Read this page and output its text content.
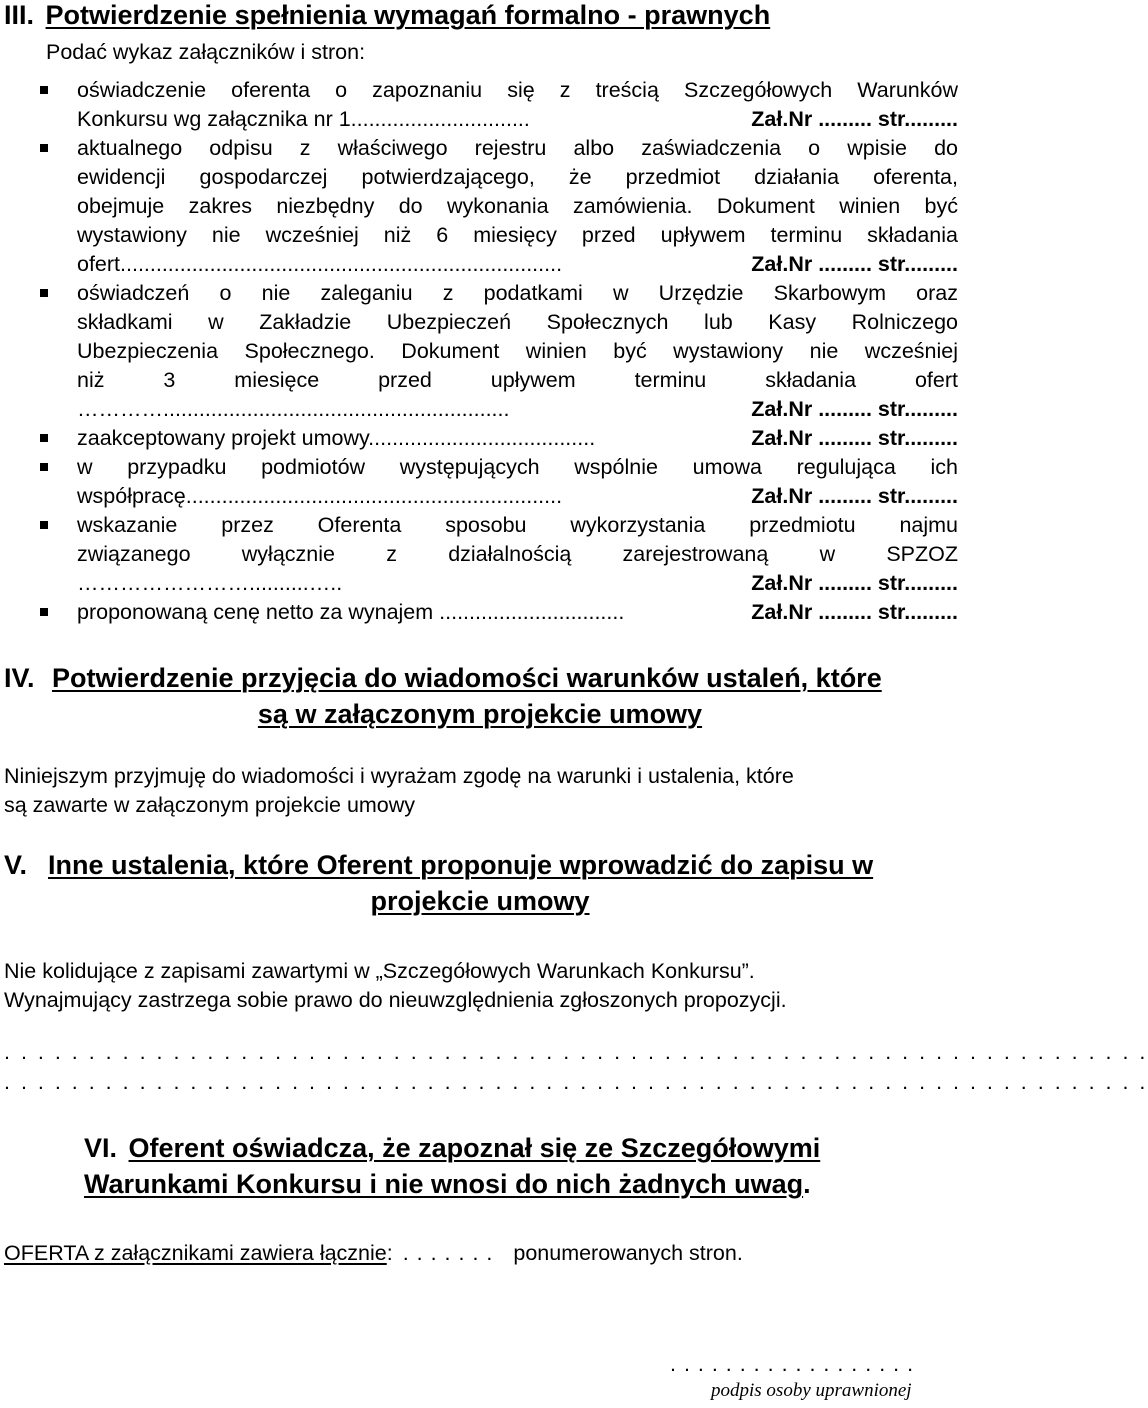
III. Potwierdzenie spełnienia wymagań formalno - prawnych
Podać wykaz załączników i stron:
oświadczenie oferenta o zapoznaniu się z treścią Szczegółowych Warunków
Konkursu wg załącznika nr 1..............................	Zał.Nr ......... str.........
aktualnego odpisu z właściwego rejestru albo zaświadczenia o wpisie do
ewidencji gospodarczej potwierdzającego, że przedmiot działania oferenta,
obejmuje zakres niezbędny do wykonania zamówienia. Dokument winien być
wystawiony nie wcześniej niż 6 miesięcy przed upływem terminu składania
ofert..........................................................................	Zał.Nr ......... str.........
oświadczeń o nie zaleganiu z podatkami w Urzędzie Skarbowym oraz
składkami w Zakładzie Ubezpieczeń Społecznych lub Kasy Rolniczego
Ubezpieczenia Społecznego. Dokument winien być wystawiony nie wcześniej
niż 3 miesięce przed upływem terminu składania ofert
…………..........................................................	Zał.Nr ......... str.........
zaakceptowany projekt umowy......................................	Zał.Nr ......... str.........
w przypadku podmiotów występujących wspólnie umowa regulująca ich
współpracę...............................................................	Zał.Nr ......... str.........
wskazanie przez Oferenta sposobu wykorzystania przedmiotu najmu
związanego wyłącznie z działalnością zarejestrowaną w SPZOZ
……………………..........…..	Zał.Nr ......... str.........
proponowaną cenę netto za wynajem ...............................	Zał.Nr ......... str.........
IV. Potwierdzenie przyjęcia do wiadomości warunków ustaleń, które
są w załączonym projekcie umowy
Niniejszym przyjmuję do wiadomości i wyrażam zgodę na warunki i ustalenia, które
są zawarte w załączonym projekcie umowy
V. Inne ustalenia, które Oferent proponuje wprowadzić do zapisu w
projekcie umowy
Nie kolidujące z zapisami zawartymi w „Szczegółowych Warunkach Konkursu”.
Wynajmujący zastrzega sobie prawo do nieuwzględnienia zgłoszonych propozycji.
. . . . . . . . . . . . . . . . . . . . . . . . . . . . . . . . . . . . . . . . . . . . . . . . . . . . . . . . . . . . . . . . . . . .
. . . . . . . . . . . . . . . . . . . . . . . . . . . . . . . . . . . . . . . . . . . . . . . . . . . . . . . . . . . . . . . . . . . .
VI. Oferent oświadcza, że zapoznał się ze Szczegółowymi
Warunkami Konkursu i nie wnosi do nich żadnych uwag.
OFERTA z załącznikami zawiera łącznie: . . . . . . . ponumerowanych stron.
. . . . . . . . . . . . . . . . . .
podpis osoby uprawnionej
